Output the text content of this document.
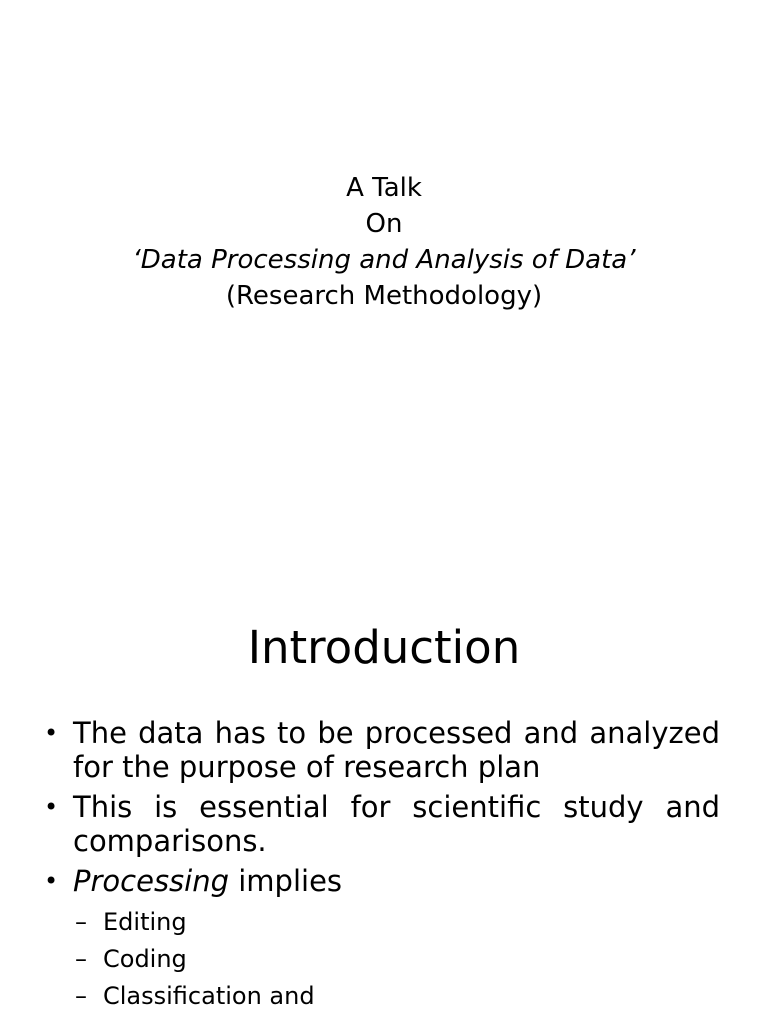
A Talk
On
‘Data Processing and Analysis of Data’
(Research Methodology)
Introduction
• The data has to be processed and analyzed for the purpose of research plan
• This is essential for scientific study and comparisons.
• Processing implies
– Editing
– Coding
– Classification and
